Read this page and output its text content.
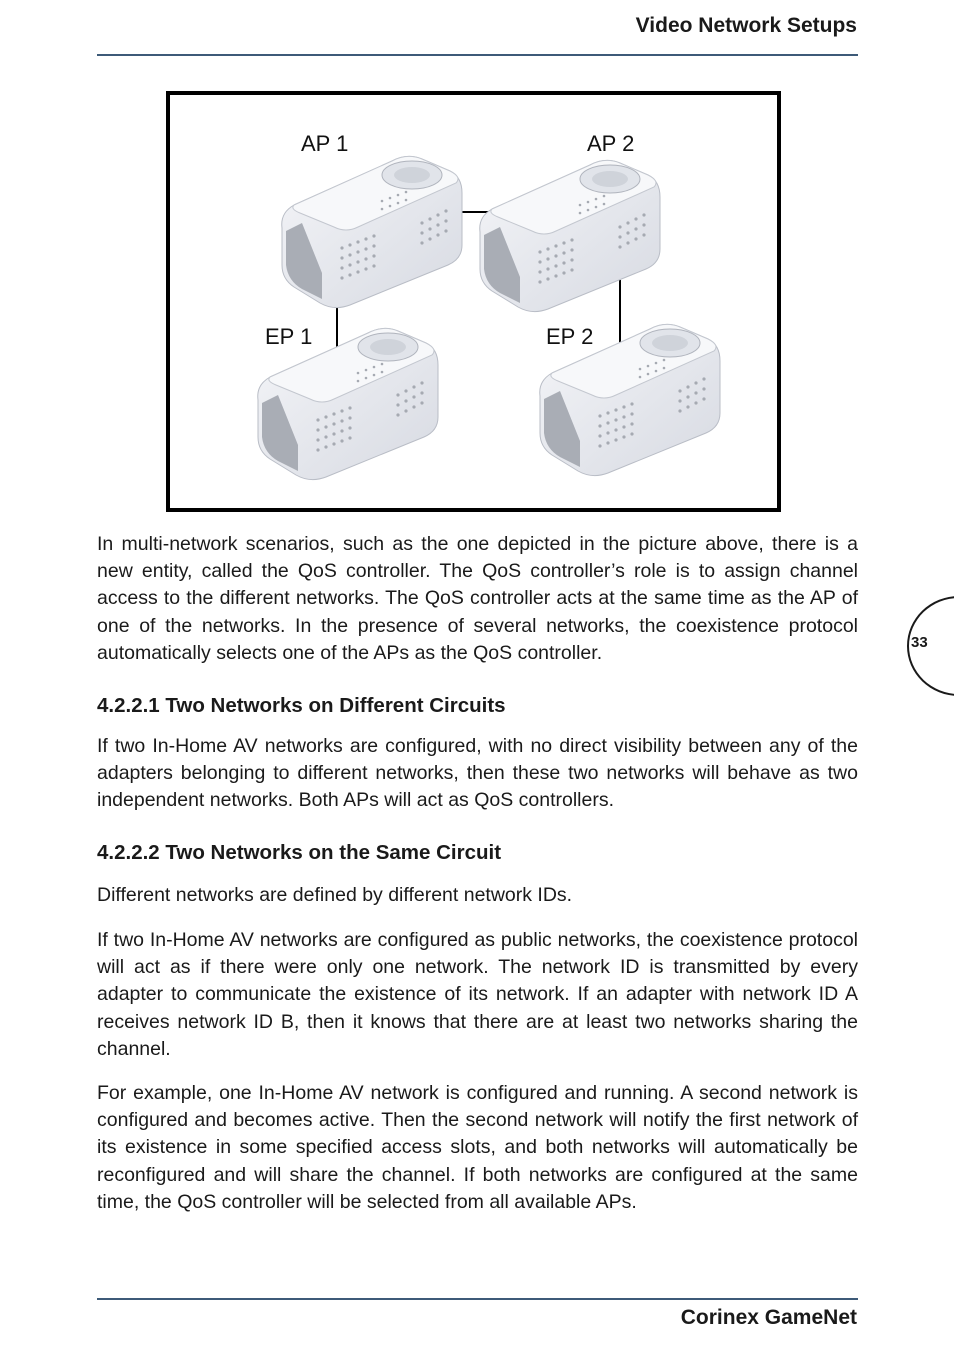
Video Network Setups
AP 1	AP 2
EP 1	EP 2

In multi-network scenarios, such as the one depicted in the picture above, there is a new entity, called the QoS controller. The QoS controller’s role is to assign channel access to the different networks. The QoS controller acts at the same time as the AP of one of the networks. In the presence of several networks, the coexistence protocol automatically selects one of the APs as the QoS controller.

4.2.2.1 Two Networks on Different Circuits

If two In-Home AV networks are configured, with no direct visibility between any of the adapters belonging to different networks, then these two networks will behave as two independent networks. Both APs will act as QoS controllers.

4.2.2.2 Two Networks on the Same Circuit

Different networks are defined by different network IDs.

If two In-Home AV networks are configured as public networks, the coexistence protocol will act as if there were only one network. The network ID is transmitted by every adapter to communicate the existence of its network. If an adapter with network ID A receives network ID B, then it knows that there are at least two networks sharing the channel.

For example, one In-Home AV network is configured and running. A second network is configured and becomes active. Then the second network will notify the first network of its existence in some specified access slots, and both networks will automatically be reconfigured and will share the channel. If both networks are configured at the same time, the QoS controller will be selected from all available APs.

33
Corinex GameNet
